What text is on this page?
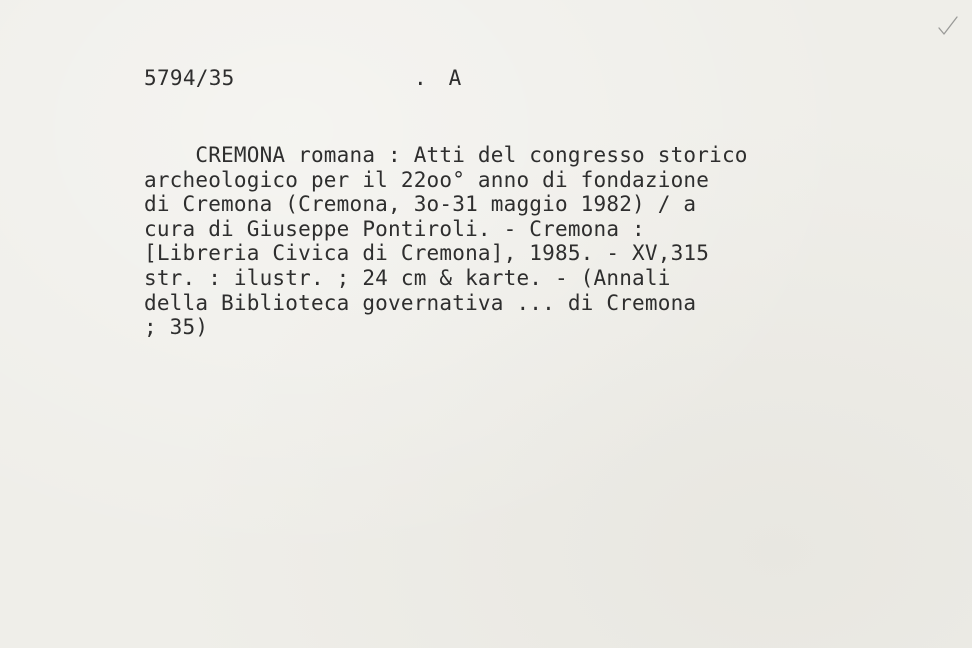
5794/35	. A
CREMONA romana : Atti del congresso storico
archeologico per il 22oo° anno di fondazione
di Cremona (Cremona, 3o-31 maggio 1982) / a
cura di Giuseppe Pontiroli. - Cremona :
[Libreria Civica di Cremona], 1985. - XV,315
str. : ilustr. ; 24 cm & karte. - (Annali
della Biblioteca governativa ... di Cremona
; 35)
